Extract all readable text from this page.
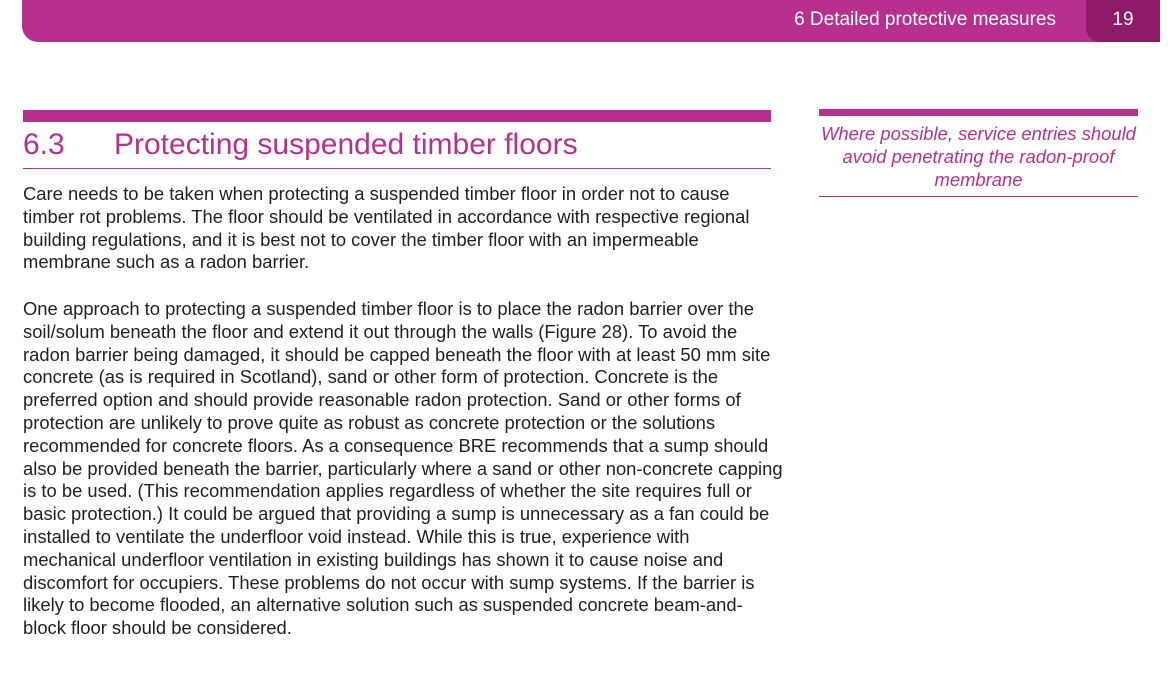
6 Detailed protective measures	19
6.3 Protecting suspended timber floors

Care needs to be taken when protecting a suspended timber floor in order not to cause timber rot problems. The floor should be ventilated in accordance with respective regional building regulations, and it is best not to cover the timber floor with an impermeable membrane such as a radon barrier.

One approach to protecting a suspended timber floor is to place the radon barrier over the soil/solum beneath the floor and extend it out through the walls (Figure 28). To avoid the radon barrier being damaged, it should be capped beneath the floor with at least 50 mm site concrete (as is required in Scotland), sand or other form of protection. Concrete is the preferred option and should provide reasonable radon protection. Sand or other forms of protection are unlikely to prove quite as robust as concrete protection or the solutions recommended for concrete floors. As a consequence BRE recommends that a sump should also be provided beneath the barrier, particularly where a sand or other non-concrete capping is to be used. (This recommendation applies regardless of whether the site requires full or basic protection.) It could be argued that providing a sump is unnecessary as a fan could be installed to ventilate the underfloor void instead. While this is true, experience with mechanical underfloor ventilation in existing buildings has shown it to cause noise and discomfort for occupiers. These problems do not occur with sump systems. If the barrier is likely to become flooded, an alternative solution such as suspended concrete beam-and-block floor should be considered.

Where possible, service entries should avoid penetrating the radon-proof membrane
